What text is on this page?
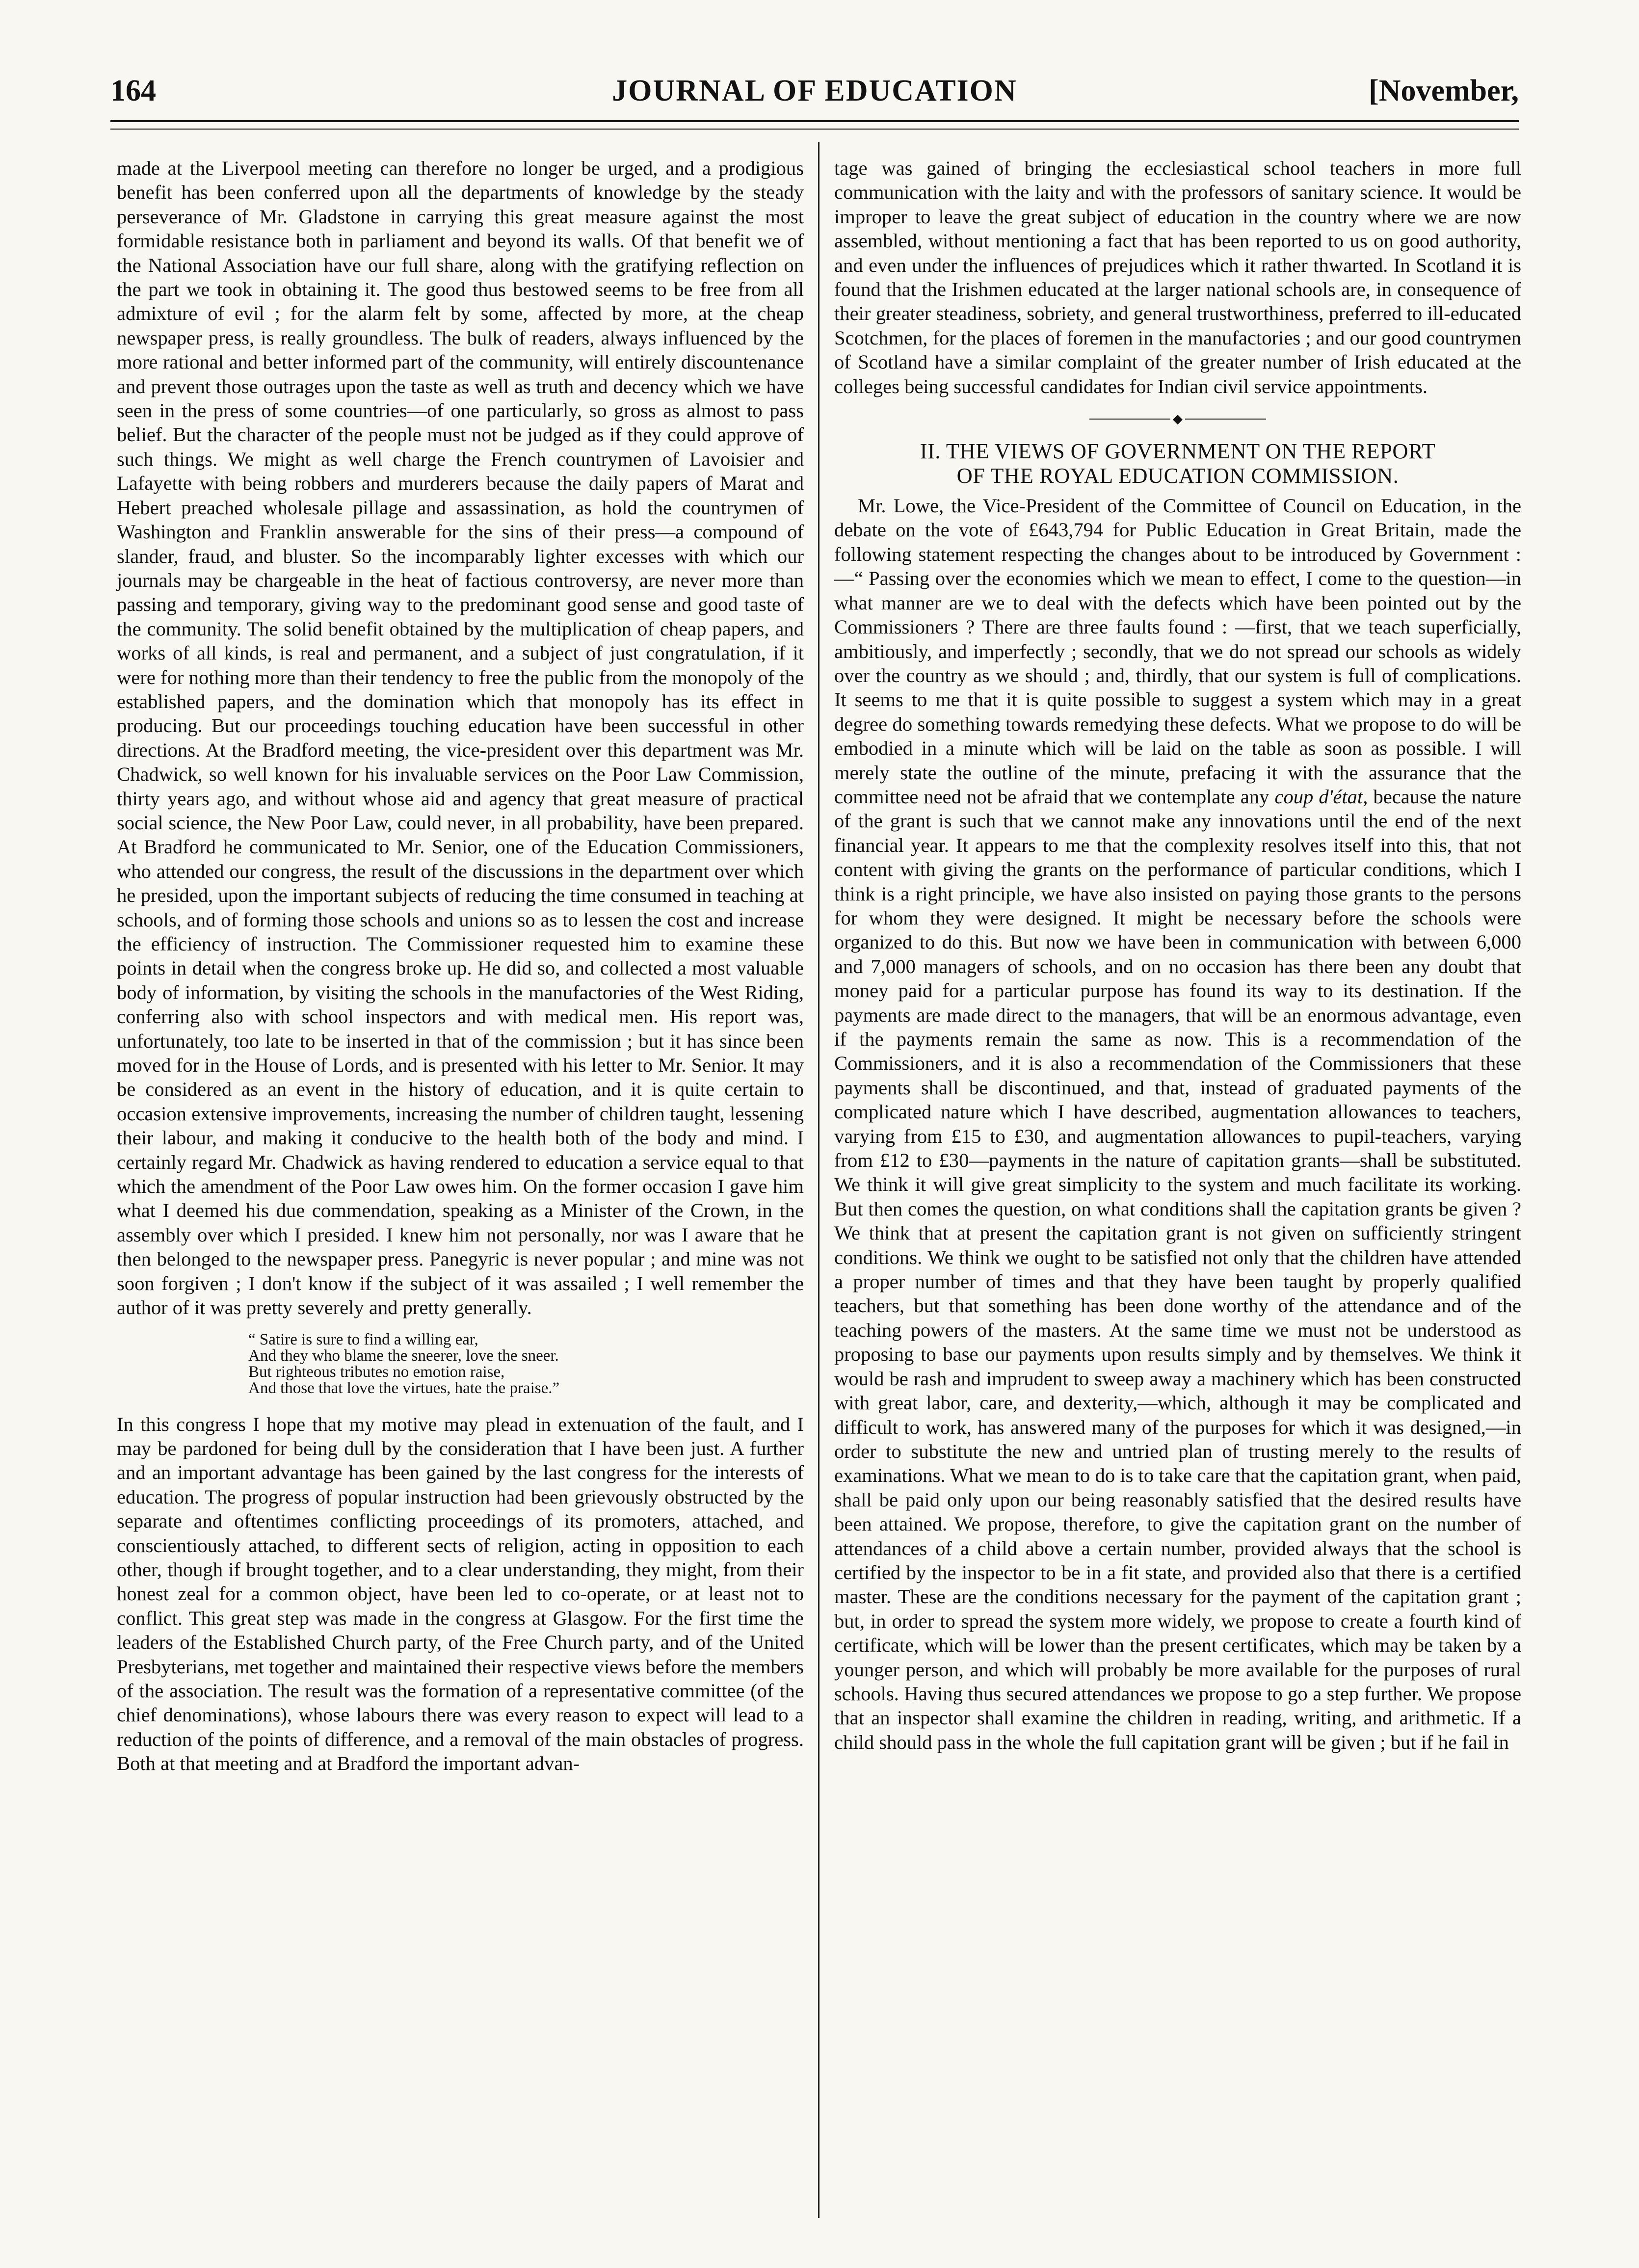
164	JOURNAL OF EDUCATION	[November,

made at the Liverpool meeting can therefore no longer be urged, and a prodigious benefit has been conferred upon all the departments of knowledge by the steady perseverance of Mr. Gladstone in carrying this great measure against the most formidable resistance both in parliament and beyond its walls. Of that benefit we of the National Association have our full share, along with the gratifying reflection on the part we took in obtaining it. The good thus bestowed seems to be free from all admixture of evil ; for the alarm felt by some, affected by more, at the cheap newspaper press, is really groundless. The bulk of readers, always influenced by the more rational and better informed part of the community, will entirely discountenance and prevent those outrages upon the taste as well as truth and decency which we have seen in the press of some countries—of one particularly, so gross as almost to pass belief. But the character of the people must not be judged as if they could approve of such things. We might as well charge the French countrymen of Lavoisier and Lafayette with being robbers and murderers because the daily papers of Marat and Hebert preached wholesale pillage and assassination, as hold the countrymen of Washington and Franklin answerable for the sins of their press—a compound of slander, fraud, and bluster. So the incomparably lighter excesses with which our journals may be chargeable in the heat of factious controversy, are never more than passing and temporary, giving way to the predominant good sense and good taste of the community. The solid benefit obtained by the multiplication of cheap papers, and works of all kinds, is real and permanent, and a subject of just congratulation, if it were for nothing more than their tendency to free the public from the monopoly of the established papers, and the domination which that monopoly has its effect in producing. But our proceedings touching education have been successful in other directions. At the Bradford meeting, the vice-president over this department was Mr. Chadwick, so well known for his invaluable services on the Poor Law Commission, thirty years ago, and without whose aid and agency that great measure of practical social science, the New Poor Law, could never, in all probability, have been prepared. At Bradford he communicated to Mr. Senior, one of the Education Commissioners, who attended our congress, the result of the discussions in the department over which he presided, upon the important subjects of reducing the time consumed in teaching at schools, and of forming those schools and unions so as to lessen the cost and increase the efficiency of instruction. The Commissioner requested him to examine these points in detail when the congress broke up. He did so, and collected a most valuable body of information, by visiting the schools in the manufactories of the West Riding, conferring also with school inspectors and with medical men. His report was, unfortunately, too late to be inserted in that of the commission ; but it has since been moved for in the House of Lords, and is presented with his letter to Mr. Senior. It may be considered as an event in the history of education, and it is quite certain to occasion extensive improvements, increasing the number of children taught, lessening their labour, and making it conducive to the health both of the body and mind. I certainly regard Mr. Chadwick as having rendered to education a service equal to that which the amendment of the Poor Law owes him. On the former occasion I gave him what I deemed his due commendation, speaking as a Minister of the Crown, in the assembly over which I presided. I knew him not personally, nor was I aware that he then belonged to the newspaper press. Panegyric is never popular ; and mine was not soon forgiven ; I don't know if the subject of it was assailed ; I well remember the author of it was pretty severely and pretty generally.

“ Satire is sure to find a willing ear,
And they who blame the sneerer, love the sneer.
But righteous tributes no emotion raise,
And those that love the virtues, hate the praise.”

In this congress I hope that my motive may plead in extenuation of the fault, and I may be pardoned for being dull by the consideration that I have been just. A further and an important advantage has been gained by the last congress for the interests of education. The progress of popular instruction had been grievously obstructed by the separate and oftentimes conflicting proceedings of its promoters, attached, and conscientiously attached, to different sects of religion, acting in opposition to each other, though if brought together, and to a clear understanding, they might, from their honest zeal for a common object, have been led to co-operate, or at least not to conflict. This great step was made in the congress at Glasgow. For the first time the leaders of the Established Church party, of the Free Church party, and of the United Presbyterians, met together and maintained their respective views before the members of the association. The result was the formation of a representative committee (of the chief denominations), whose labours there was every reason to expect will lead to a reduction of the points of difference, and a removal of the main obstacles of progress. Both at that meeting and at Bradford the important advan-

tage was gained of bringing the ecclesiastical school teachers in more full communication with the laity and with the professors of sanitary science. It would be improper to leave the great subject of education in the country where we are now assembled, without mentioning a fact that has been reported to us on good authority, and even under the influences of prejudices which it rather thwarted. In Scotland it is found that the Irishmen educated at the larger national schools are, in consequence of their greater steadiness, sobriety, and general trustworthiness, preferred to ill-educated Scotchmen, for the places of foremen in the manufactories ; and our good countrymen of Scotland have a similar complaint of the greater number of Irish educated at the colleges being successful candidates for Indian civil service appointments.

◆
II. THE VIEWS OF GOVERNMENT ON THE REPORT
OF THE ROYAL EDUCATION COMMISSION.

Mr. Lowe, the Vice-President of the Committee of Council on Education, in the debate on the vote of £643,794 for Public Education in Great Britain, made the following statement respecting the changes about to be introduced by Government :—“ Passing over the economies which we mean to effect, I come to the question—in what manner are we to deal with the defects which have been pointed out by the Commissioners ? There are three faults found : —first, that we teach superficially, ambitiously, and imperfectly ; secondly, that we do not spread our schools as widely over the country as we should ; and, thirdly, that our system is full of complications. It seems to me that it is quite possible to suggest a system which may in a great degree do something towards remedying these defects. What we propose to do will be embodied in a minute which will be laid on the table as soon as possible. I will merely state the outline of the minute, prefacing it with the assurance that the committee need not be afraid that we contemplate any coup d'état, because the nature of the grant is such that we cannot make any innovations until the end of the next financial year. It appears to me that the complexity resolves itself into this, that not content with giving the grants on the performance of particular conditions, which I think is a right principle, we have also insisted on paying those grants to the persons for whom they were designed. It might be necessary before the schools were organized to do this. But now we have been in communication with between 6,000 and 7,000 managers of schools, and on no occasion has there been any doubt that money paid for a particular purpose has found its way to its destination. If the payments are made direct to the managers, that will be an enormous advantage, even if the payments remain the same as now. This is a recommendation of the Commissioners, and it is also a recommendation of the Commissioners that these payments shall be discontinued, and that, instead of graduated payments of the complicated nature which I have described, augmentation allowances to teachers, varying from £15 to £30, and augmentation allowances to pupil-teachers, varying from £12 to £30—payments in the nature of capitation grants—shall be substituted. We think it will give great simplicity to the system and much facilitate its working. But then comes the question, on what conditions shall the capitation grants be given ? We think that at present the capitation grant is not given on sufficiently stringent conditions. We think we ought to be satisfied not only that the children have attended a proper number of times and that they have been taught by properly qualified teachers, but that something has been done worthy of the attendance and of the teaching powers of the masters. At the same time we must not be understood as proposing to base our payments upon results simply and by themselves. We think it would be rash and imprudent to sweep away a machinery which has been constructed with great labor, care, and dexterity,—which, although it may be complicated and difficult to work, has answered many of the purposes for which it was designed,—in order to substitute the new and untried plan of trusting merely to the results of examinations. What we mean to do is to take care that the capitation grant, when paid, shall be paid only upon our being reasonably satisfied that the desired results have been attained. We propose, therefore, to give the capitation grant on the number of attendances of a child above a certain number, provided always that the school is certified by the inspector to be in a fit state, and provided also that there is a certified master. These are the conditions necessary for the payment of the capitation grant ; but, in order to spread the system more widely, we propose to create a fourth kind of certificate, which will be lower than the present certificates, which may be taken by a younger person, and which will probably be more available for the purposes of rural schools. Having thus secured attendances we propose to go a step further. We propose that an inspector shall examine the children in reading, writing, and arithmetic. If a child should pass in the whole the full capitation grant will be given ; but if he fail in
